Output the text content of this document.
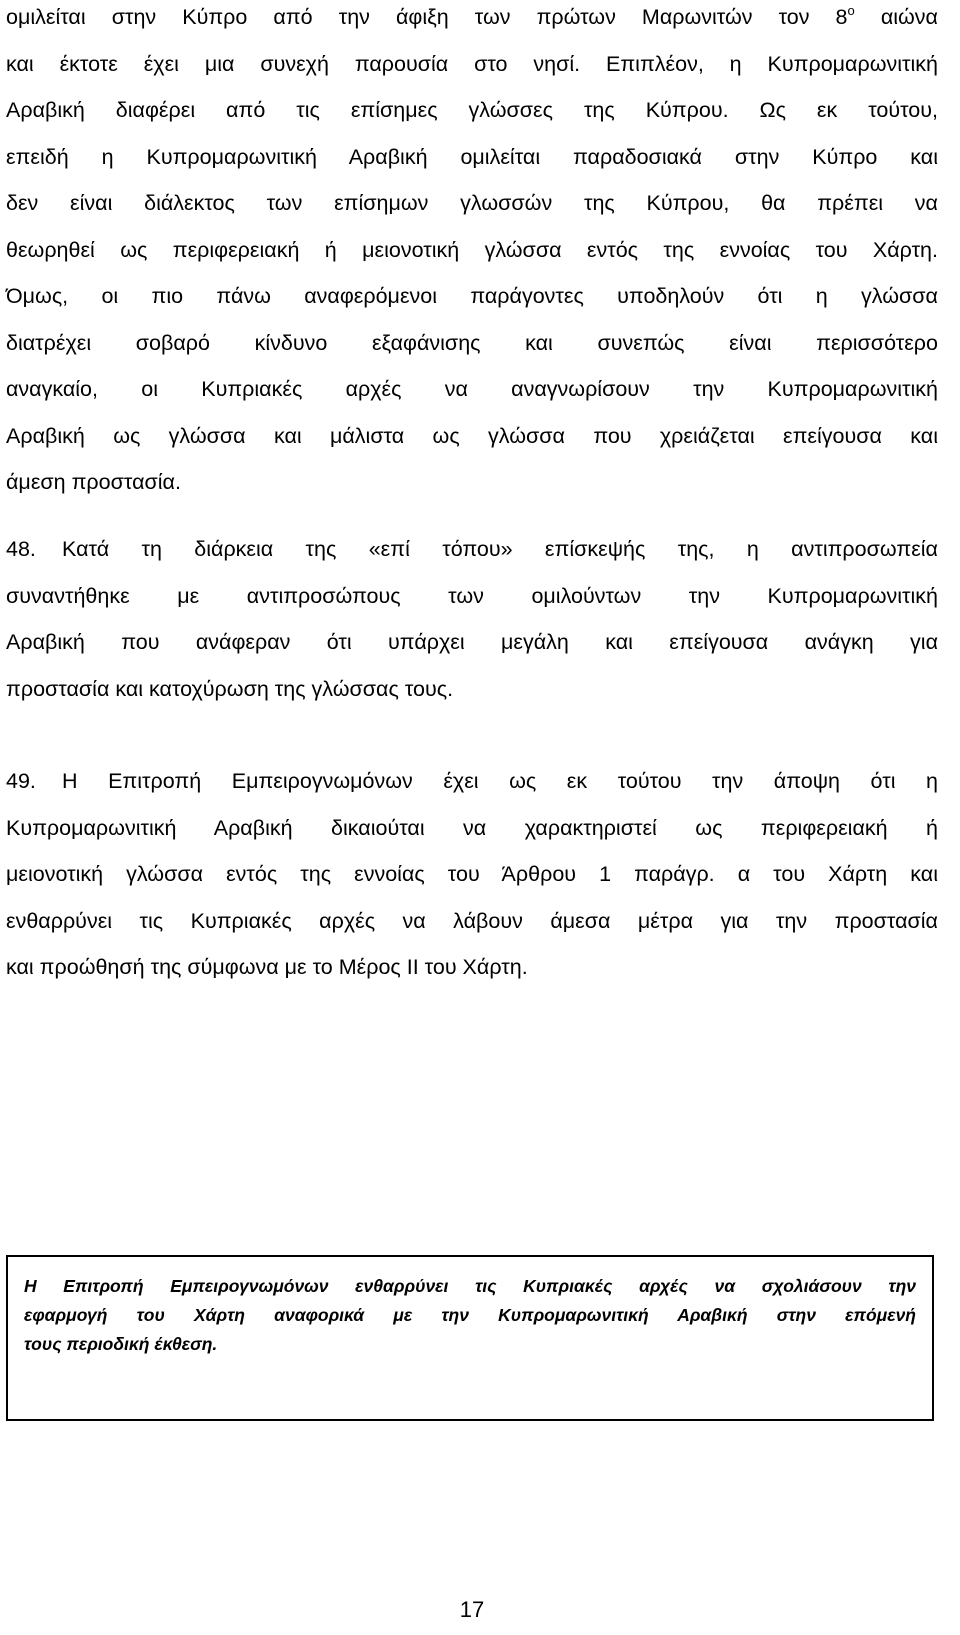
ομιλείται στην Κύπρο από την άφιξη των πρώτων Μαρωνιτών τον $8^o$ αιώνα
και έκτοτε έχει μια συνεχή παρουσία στο νησί. Επιπλέον, η Κυπρομαρωνιτική
Αραβική διαφέρει από τις επίσημες γλώσσες της Κύπρου. Ως εκ τούτου,
επειδή η Κυπρομαρωνιτική Αραβική ομιλείται παραδοσιακά στην Κύπρο και
δεν είναι διάλεκτος των επίσημων γλωσσών της Κύπρου, θα πρέπει να
θεωρηθεί ως περιφερειακή ή μειονοτική γλώσσα εντός της εννοίας του Χάρτη.
Όμως, οι πιο πάνω αναφερόμενοι παράγοντες υποδηλούν ότι η γλώσσα
διατρέχει σοβαρό κίνδυνο εξαφάνισης και συνεπώς είναι περισσότερο
αναγκαίο, οι Κυπριακές αρχές να αναγνωρίσουν την Κυπρομαρωνιτική
Αραβική ως γλώσσα και μάλιστα ως γλώσσα που χρειάζεται επείγουσα και
άμεση προστασία.
48. Κατά τη διάρκεια της «επί τόπου» επίσκεψής της, η αντιπροσωπεία
συναντήθηκε με αντιπροσώπους των ομιλούντων την Κυπρομαρωνιτική
Αραβική που ανάφεραν ότι υπάρχει μεγάλη και επείγουσα ανάγκη για
προστασία και κατοχύρωση της γλώσσας τους.
49. Η Επιτροπή Εμπειρογνωμόνων έχει ως εκ τούτου την άποψη ότι η
Κυπρομαρωνιτική Αραβική δικαιούται να χαρακτηριστεί ως περιφερειακή ή
μειονοτική γλώσσα εντός της εννοίας του Άρθρου 1 παράγρ. α του Χάρτη και
ενθαρρύνει τις Κυπριακές αρχές να λάβουν άμεσα μέτρα για την προστασία
και προώθησή της σύμφωνα με το Μέρος ΙΙ του Χάρτη.
Η Επιτροπή Εμπειρογνωμόνων ενθαρρύνει τις Κυπριακές αρχές να σχολιάσουν την
εφαρμογή του Χάρτη αναφορικά με την Κυπρομαρωνιτική Αραβική στην επόμενή
τους περιοδική έκθεση.
17
